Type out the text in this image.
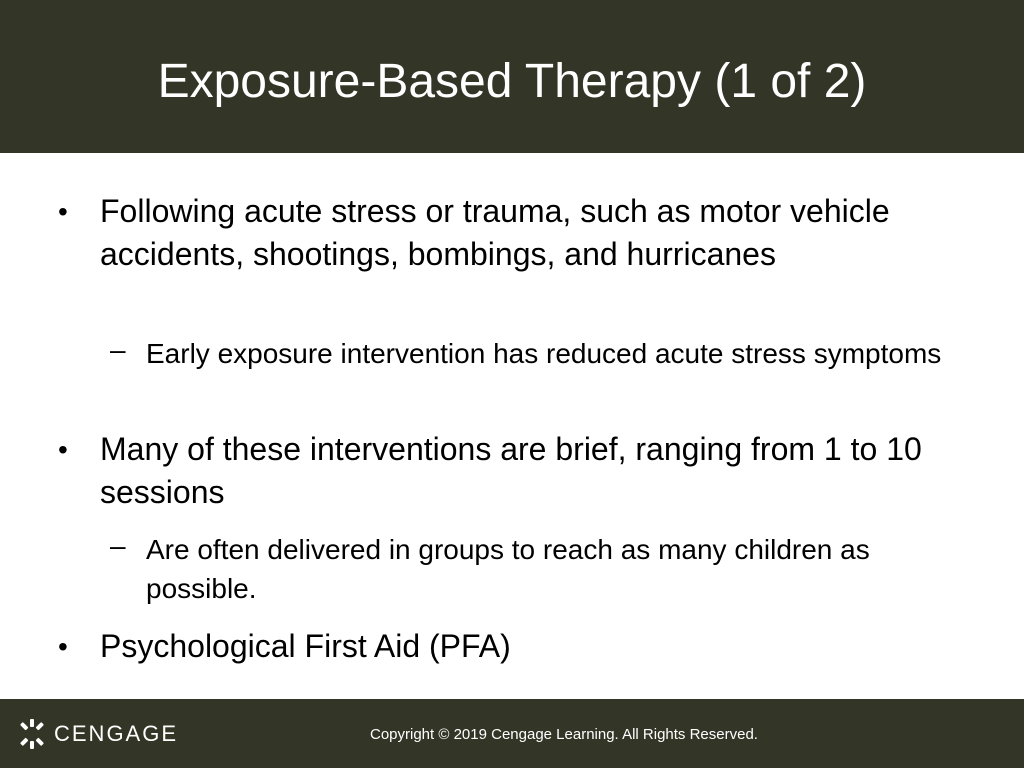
Exposure-Based Therapy (1 of 2)
• Following acute stress or trauma, such as motor vehicle accidents, shootings, bombings, and hurricanes
– Early exposure intervention has reduced acute stress symptoms
• Many of these interventions are brief, ranging from 1 to 10 sessions
– Are often delivered in groups to reach as many children as possible.
• Psychological First Aid (PFA)
CENGAGE	Copyright © 2019 Cengage Learning. All Rights Reserved.
